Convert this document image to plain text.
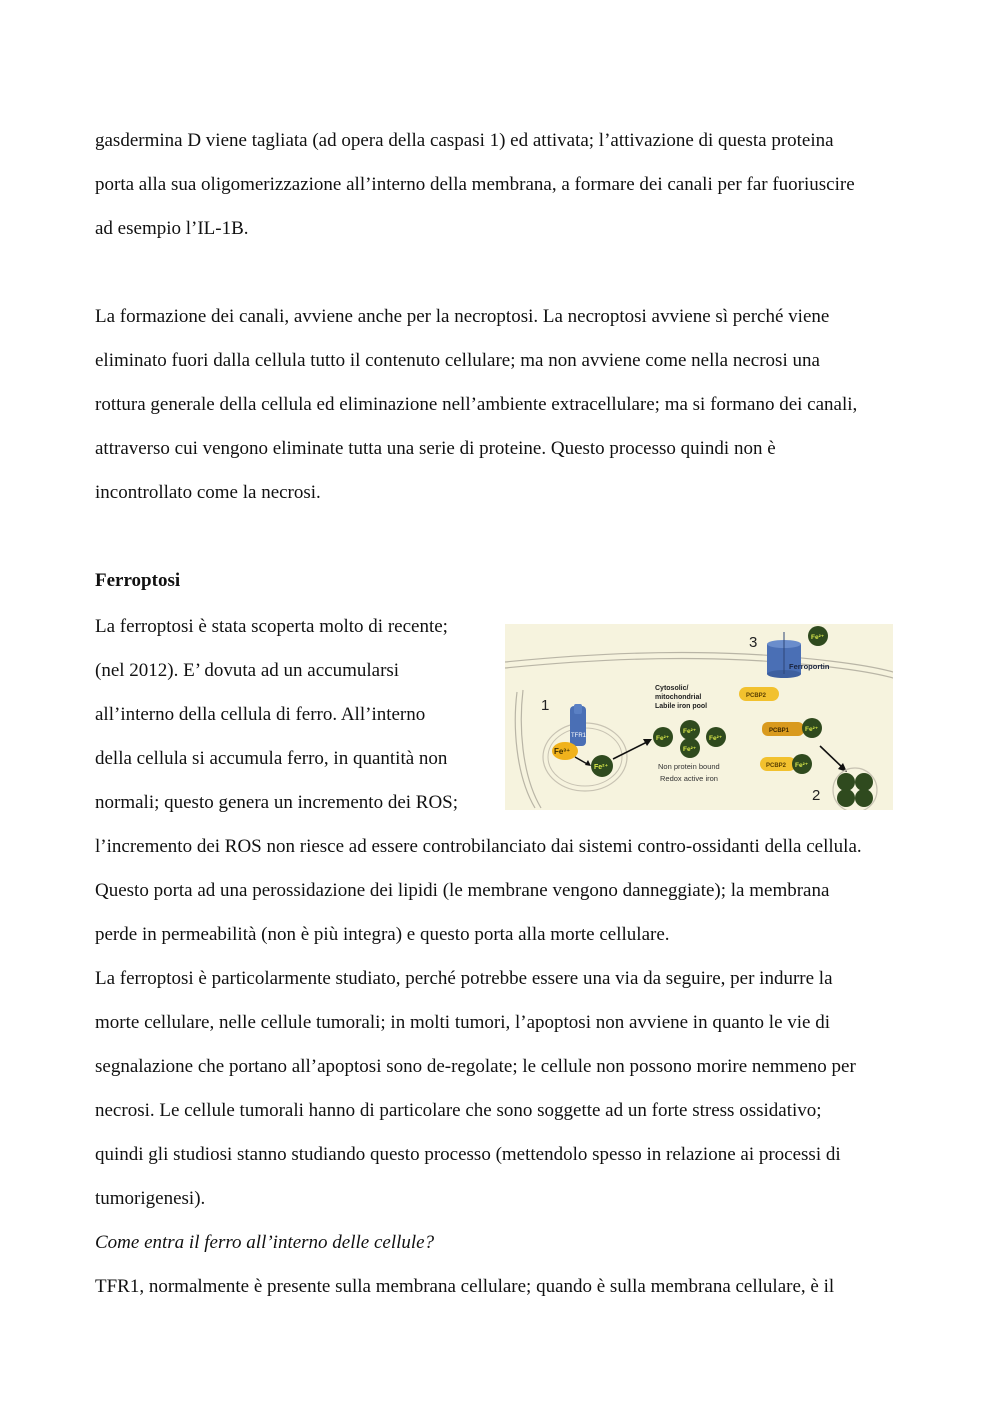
gasdermina D viene tagliata (ad opera della caspasi 1) ed attivata; l’attivazione di questa proteina
porta alla sua oligomerizzazione all’interno della membrana, a formare dei canali per far fuoriuscire
ad esempio l’IL-1B.
La formazione dei canali, avviene anche per la necroptosi. La necroptosi avviene sì perché viene
eliminato fuori dalla cellula tutto il contenuto cellulare; ma non avviene come nella necrosi una
rottura generale della cellula ed eliminazione nell’ambiente extracellulare; ma si formano dei canali,
attraverso cui vengono eliminate tutta una serie di proteine. Questo processo quindi non è
incontrollato come la necrosi.
Ferroptosi
La ferroptosi è stata scoperta molto di recente;
(nel 2012). E’ dovuta ad un accumularsi
all’interno della cellula di ferro. All’interno
della cellula si accumula ferro, in quantità non
normali; questo genera un incremento dei ROS;
l’incremento dei ROS non riesce ad essere controbilanciato dai sistemi contro-ossidanti della cellula.
Questo porta ad una perossidazione dei lipidi (le membrane vengono danneggiate); la membrana
perde in permeabilità (non è più integra) e questo porta alla morte cellulare.
La ferroptosi è particolarmente studiato, perché potrebbe essere una via da seguire, per indurre la
morte cellulare, nelle cellule tumorali; in molti tumori, l’apoptosi non avviene in quanto le vie di
segnalazione che portano all’apoptosi sono de-regolate; le cellule non possono morire nemmeno per
necrosi. Le cellule tumorali hanno di particolare che sono soggette ad un forte stress ossidativo;
quindi gli studiosi stanno studiando questo processo (mettendolo spesso in relazione ai processi di
tumorigenesi).
Come entra il ferro all’interno delle cellule?
TFR1, normalmente è presente sulla membrana cellulare; quando è sulla membrana cellulare, è il
TFR1
Fe³⁺
Fe²⁺
1
Cytosolic/
mitochondrial
Labile iron pool
Fe²⁺
Fe²⁺
Fe²⁺
Fe²⁺
Non protein bound
Redox active iron
Ferroportin
3	Fe²⁺
PCBP2
PCBP1 Fe²⁺
PCBP2 Fe²⁺
2
